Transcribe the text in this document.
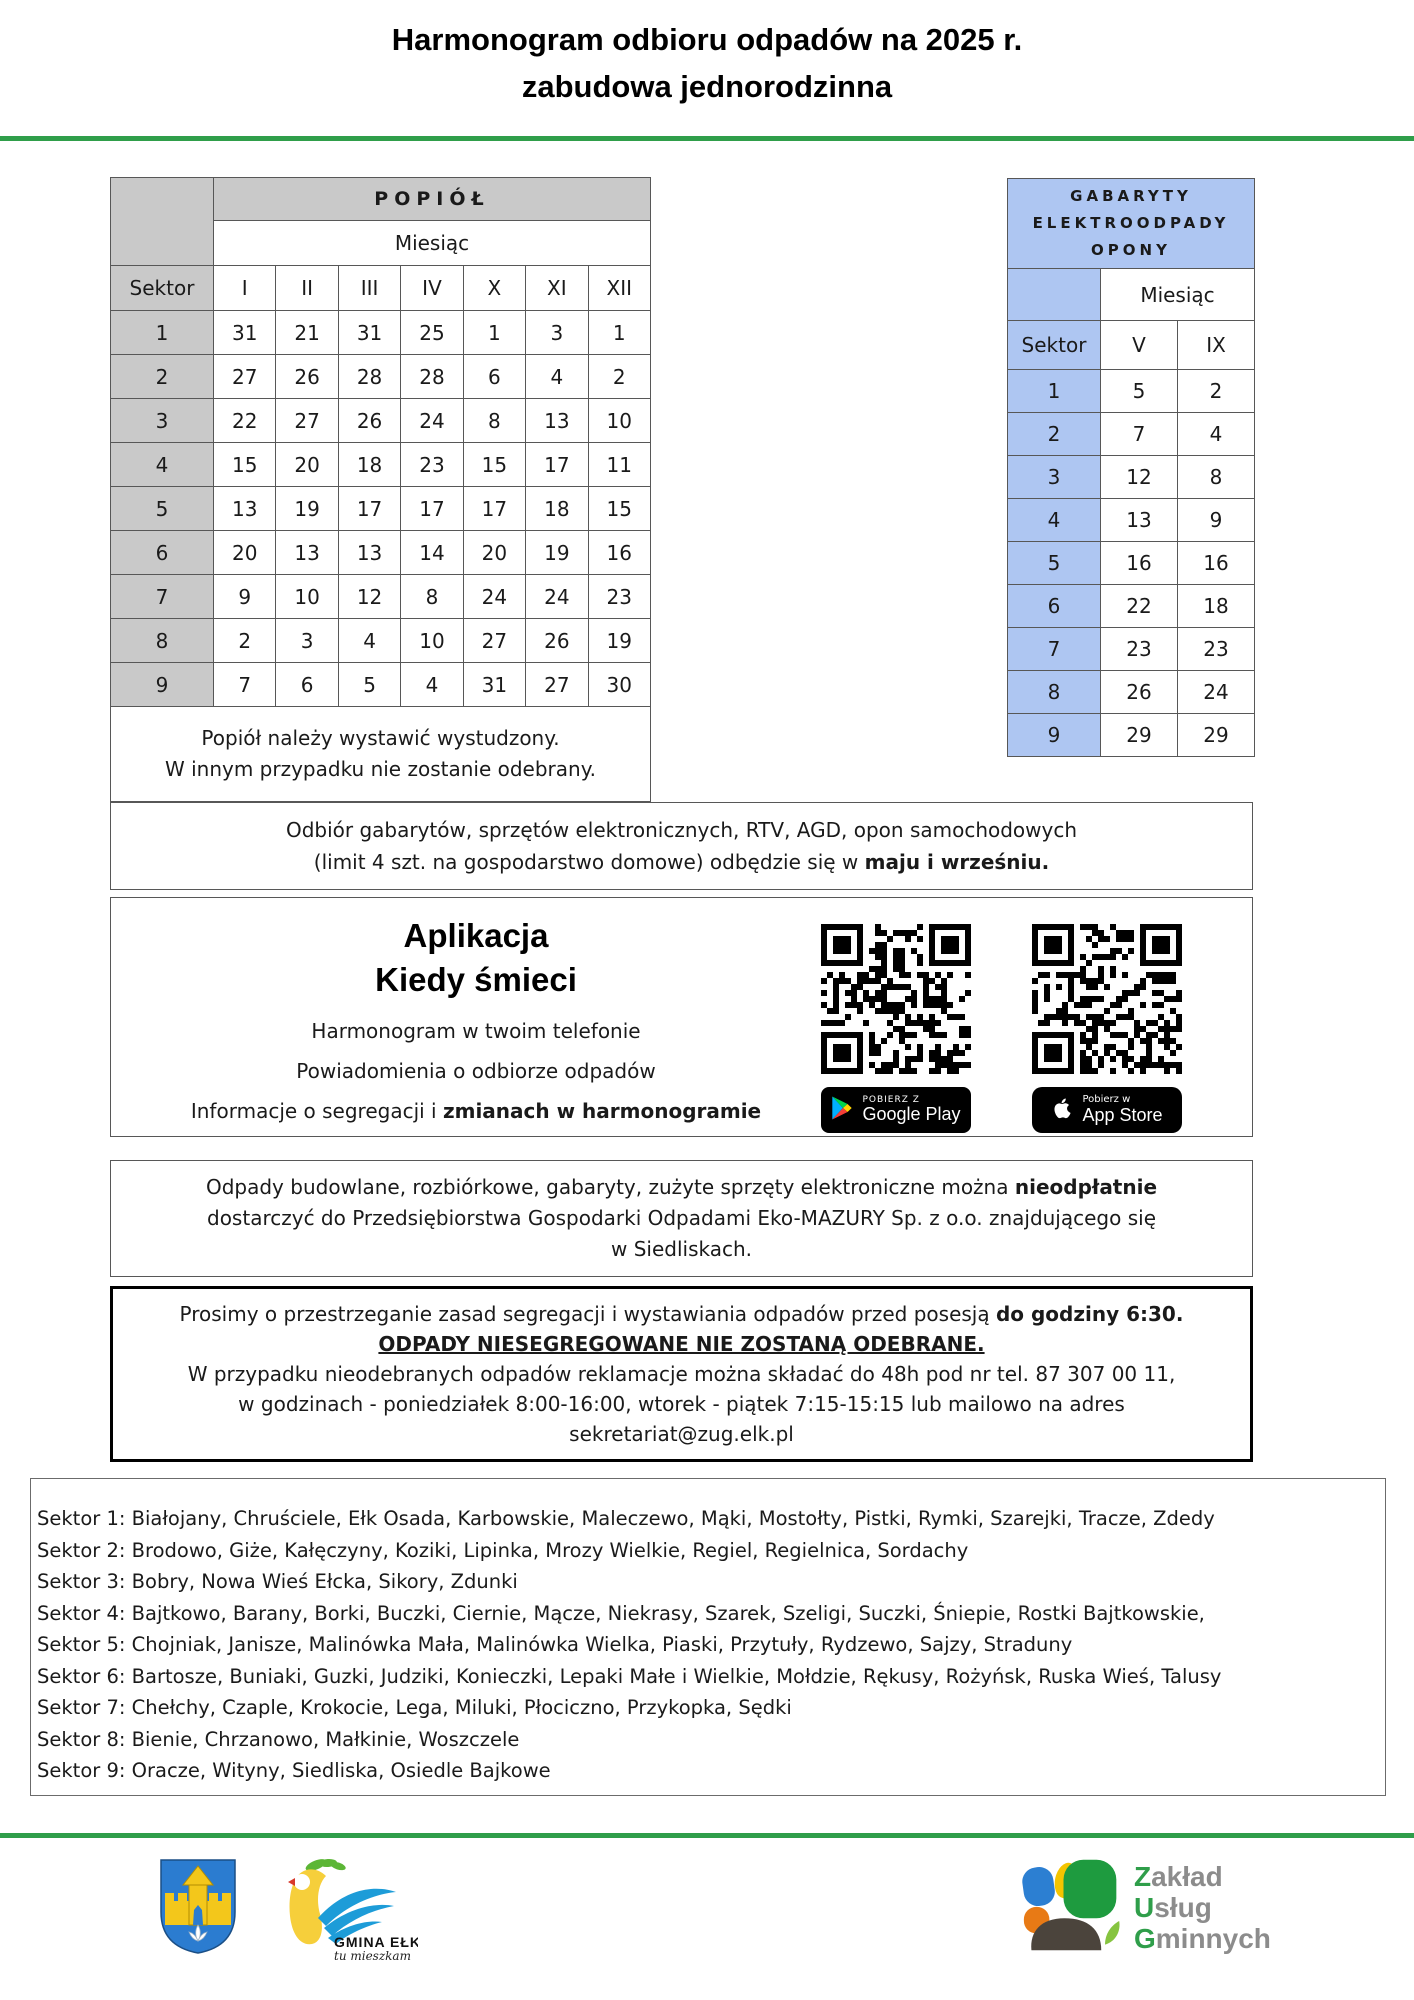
Harmonogram odbioru odpadów na 2025 r.
zabudowa jednorodzinna
	POPIÓŁ						
	Miesiąc						
Sektor	I	II	III	IV	X	XI	XII
1	31	21	31	25	1	3	1
2	27	26	28	28	6	4	2
3	22	27	26	24	8	13	10
4	15	20	18	23	15	17	11
5	13	19	17	17	17	18	15
6	20	13	13	14	20	19	16
7	9	10	12	8	24	24	23
8	2	3	4	10	27	26	19
9	7	6	5	4	31	27	30
Popiół należy wystawić wystudzony.
W innym przypadku nie zostanie odebrany.
GABARYTY
ELEKTROODPADY
OPONY		

	Miesiąc	
Sektor	V	IX
1	5	2
2	7	4
3	12	8
4	13	9
5	16	16
6	22	18
7	23	23
8	26	24
9	29	29
Odbiór gabarytów, sprzętów elektronicznych, RTV, AGD, opon samochodowych
(limit 4 szt. na gospodarstwo domowe) odbędzie się w maju i wrześniu.
Aplikacja
Kiedy śmieci
Harmonogram w twoim telefonie
Powiadomienia o odbiorze odpadów
Informacje o segregacji i zmianach w harmonogramie	POBIERZ Z
Google Play
Pobierz w
App Store
Odpady budowlane, rozbiórkowe, gabaryty, zużyte sprzęty elektroniczne można nieodpłatnie
dostarczyć do Przedsiębiorstwa Gospodarki Odpadami Eko-MAZURY Sp. z o.o. znajdującego się
w Siedliskach.
Prosimy o przestrzeganie zasad segregacji i wystawiania odpadów przed posesją do godziny 6:30.
ODPADY NIESEGREGOWANE NIE ZOSTANĄ ODEBRANE.
W przypadku nieodebranych odpadów reklamacje można składać do 48h pod nr tel. 87 307 00 11,
w godzinach - poniedziałek 8:00-16:00, wtorek - piątek 7:15-15:15 lub mailowo na adres
sekretariat@zug.elk.pl
Sektor 1: Białojany, Chruściele, Ełk Osada, Karbowskie, Maleczewo, Mąki, Mostołty, Pistki, Rymki, Szarejki, Tracze, Zdedy
Sektor 2: Brodowo, Giże, Kałęczyny, Koziki, Lipinka, Mrozy Wielkie, Regiel, Regielnica, Sordachy
Sektor 3: Bobry, Nowa Wieś Ełcka, Sikory, Zdunki
Sektor 4: Bajtkowo, Barany, Borki, Buczki, Ciernie, Mącze, Niekrasy, Szarek, Szeligi, Suczki, Śniepie, Rostki Bajtkowskie,
Sektor 5: Chojniak, Janisze, Malinówka Mała, Malinówka Wielka, Piaski, Przytuły, Rydzewo, Sajzy, Straduny
Sektor 6: Bartosze, Buniaki, Guzki, Judziki, Konieczki, Lepaki Małe i Wielkie, Mołdzie, Rękusy, Rożyńsk, Ruska Wieś, Talusy
Sektor 7: Chełchy, Czaple, Krokocie, Lega, Miluki, Płociczno, Przykopka, Sędki
Sektor 8: Bienie, Chrzanowo, Małkinie, Woszczele
Sektor 9: Oracze, Wityny, Siedliska, Osiedle Bajkowe
GMINA EŁK
tu mieszkam
Zakład
Usług
Gminnych
